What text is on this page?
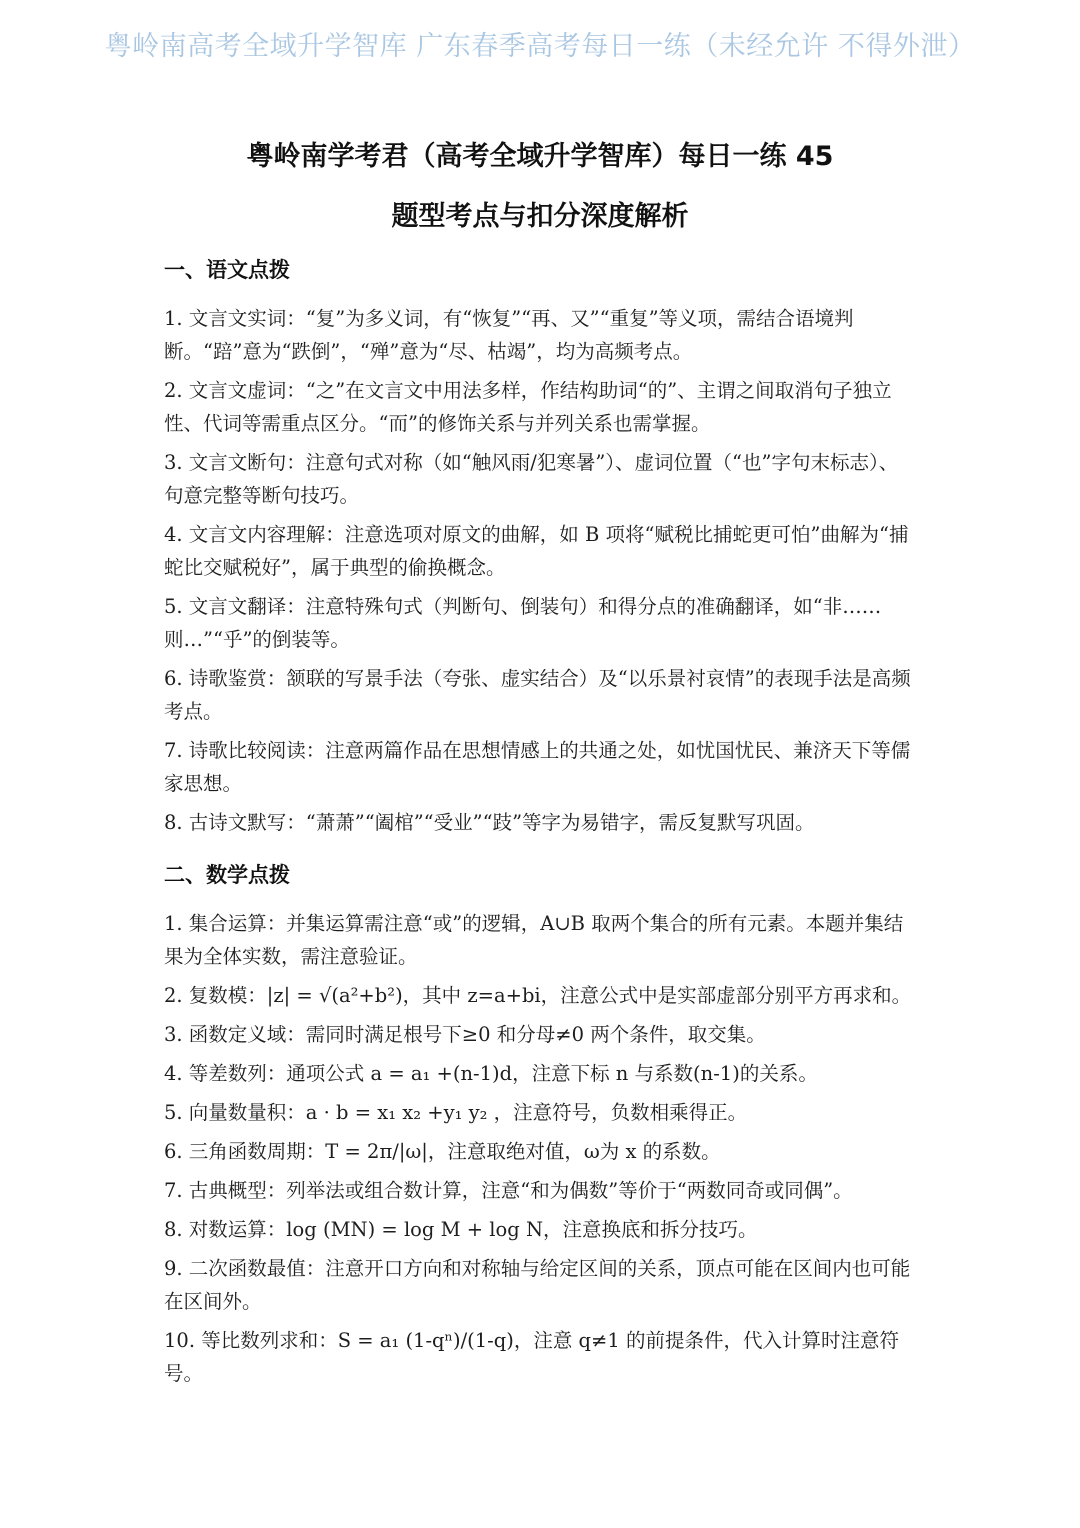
粤岭南高考全域升学智库 广东春季高考每日一练（未经允许 不得外泄）
粤岭南学考君（高考全域升学智库）每日一练 45
题型考点与扣分深度解析
一、语文点拨
1. 文言文实词：“复”为多义词，有“恢复”“再、又”“重复”等义项，需结合语境判断。“踣”意为“跌倒”，“殚”意为“尽、枯竭”，均为高频考点。
2. 文言文虚词：“之”在文言文中用法多样，作结构助词“的”、主谓之间取消句子独立性、代词等需重点区分。“而”的修饰关系与并列关系也需掌握。
3. 文言文断句：注意句式对称（如“触风雨/犯寒暑”）、虚词位置（“也”字句末标志）、句意完整等断句技巧。
4. 文言文内容理解：注意选项对原文的曲解，如 B 项将“赋税比捕蛇更可怕”曲解为“捕蛇比交赋税好”，属于典型的偷换概念。
5. 文言文翻译：注意特殊句式（判断句、倒装句）和得分点的准确翻译，如“非……则…”“乎”的倒装等。
6. 诗歌鉴赏：颔联的写景手法（夸张、虚实结合）及“以乐景衬哀情”的表现手法是高频考点。
7. 诗歌比较阅读：注意两篇作品在思想情感上的共通之处，如忧国忧民、兼济天下等儒家思想。
8. 古诗文默写：“萧萧”“阖棺”“受业”“跂”等字为易错字，需反复默写巩固。
二、数学点拨
1. 集合运算：并集运算需注意“或”的逻辑，A∪B 取两个集合的所有元素。本题并集结果为全体实数，需注意验证。
2. 复数模：|z| = √(a²+b²)，其中 z=a+bi，注意公式中是实部虚部分别平方再求和。
3. 函数定义域：需同时满足根号下≥0 和分母≠0 两个条件，取交集。
4. 等差数列：通项公式 a = a₁ +(n-1)d，注意下标 n 与系数(n-1)的关系。
5. 向量数量积：a · b = x₁ x₂ +y₁ y₂ ，注意符号，负数相乘得正。
6. 三角函数周期：T = 2π/|ω|，注意取绝对值，ω为 x 的系数。
7. 古典概型：列举法或组合数计算，注意“和为偶数”等价于“两数同奇或同偶”。
8. 对数运算：log (MN) = log M + log N，注意换底和拆分技巧。
9. 二次函数最值：注意开口方向和对称轴与给定区间的关系，顶点可能在区间内也可能在区间外。
10. 等比数列求和：S = a₁ (1-qⁿ)/(1-q)，注意 q≠1 的前提条件，代入计算时注意符号。
